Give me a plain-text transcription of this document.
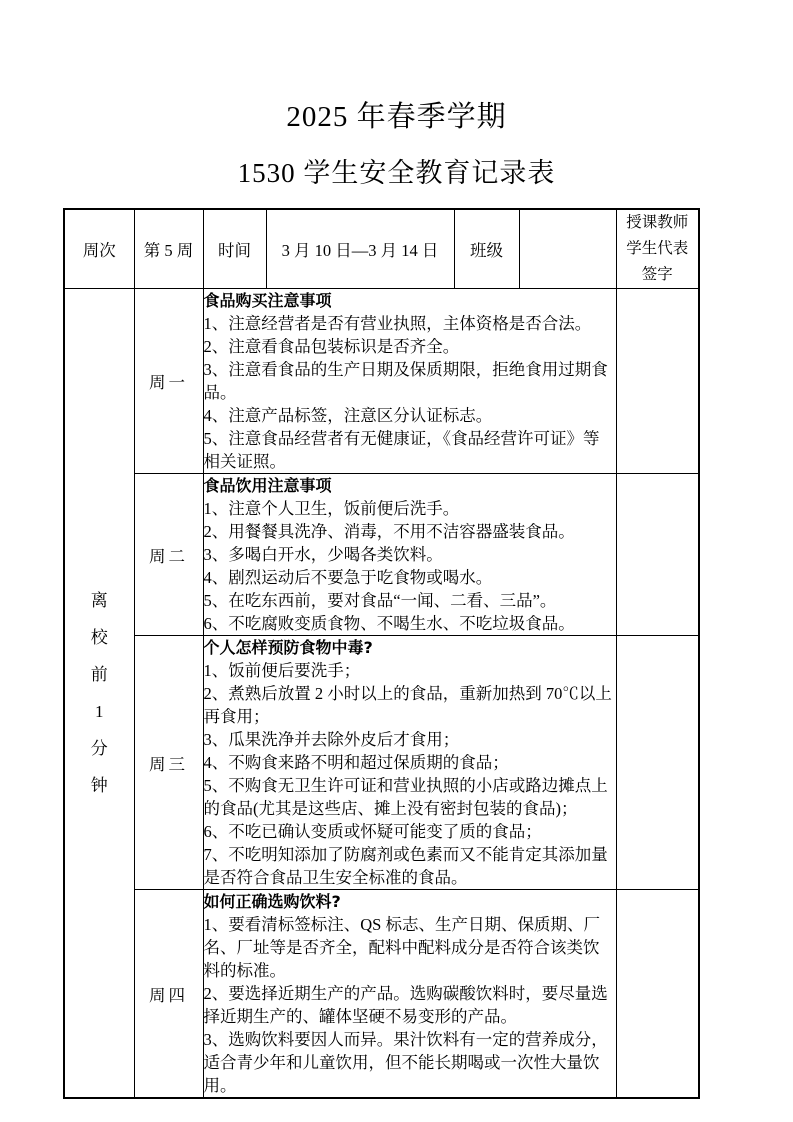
2025 年春季学期
1530 学生安全教育记录表
周次	第 5 周	时间	3 月 10 日—3 月 14 日	班级		授课教师
学生代表
签字

离校前1分钟
	周一	
食品购买注意事项
1、注意经营者是否有营业执照，主体资格是否合法。
2、注意看食品包装标识是否齐全。
3、注意看食品的生产日期及保质期限，拒绝食用过期食品。
4、注意产品标签，注意区分认证标志。
5、注意食品经营者有无健康证，《食品经营许可证》等相关证照。

周二	
食品饮用注意事项
1、注意个人卫生，饭前便后洗手。
2、用餐餐具洗净、消毒，不用不洁容器盛装食品。
3、多喝白开水，少喝各类饮料。
4、剧烈运动后不要急于吃食物或喝水。
5、在吃东西前，要对食品“一闻、二看、三品”。
6、不吃腐败变质食物、不喝生水、不吃垃圾食品。

周三	
个人怎样预防食物中毒?
1、饭前便后要洗手；
2、煮熟后放置 2 小时以上的食品，重新加热到 70℃以上再食用；
3、瓜果洗净并去除外皮后才食用；
4、不购食来路不明和超过保质期的食品；
5、不购食无卫生许可证和营业执照的小店或路边摊点上的食品(尤其是这些店、摊上没有密封包装的食品)；
6、不吃已确认变质或怀疑可能变了质的食品；
7、不吃明知添加了防腐剂或色素而又不能肯定其添加量是否符合食品卫生安全标准的食品。

	周四	如何正确选购饮料?
1、要看清标签标注、QS 标志、生产日期、保质期、厂名、厂址等是否齐全，配料中配料成分是否符合该类饮料的标准。
2、要选择近期生产的产品。选购碳酸饮料时，要尽量选择近期生产的、罐体坚硬不易变形的产品。
3、选购饮料要因人而异。果汁饮料有一定的营养成分，适合青少年和儿童饮用，但不能长期喝或一次性大量饮用。				
